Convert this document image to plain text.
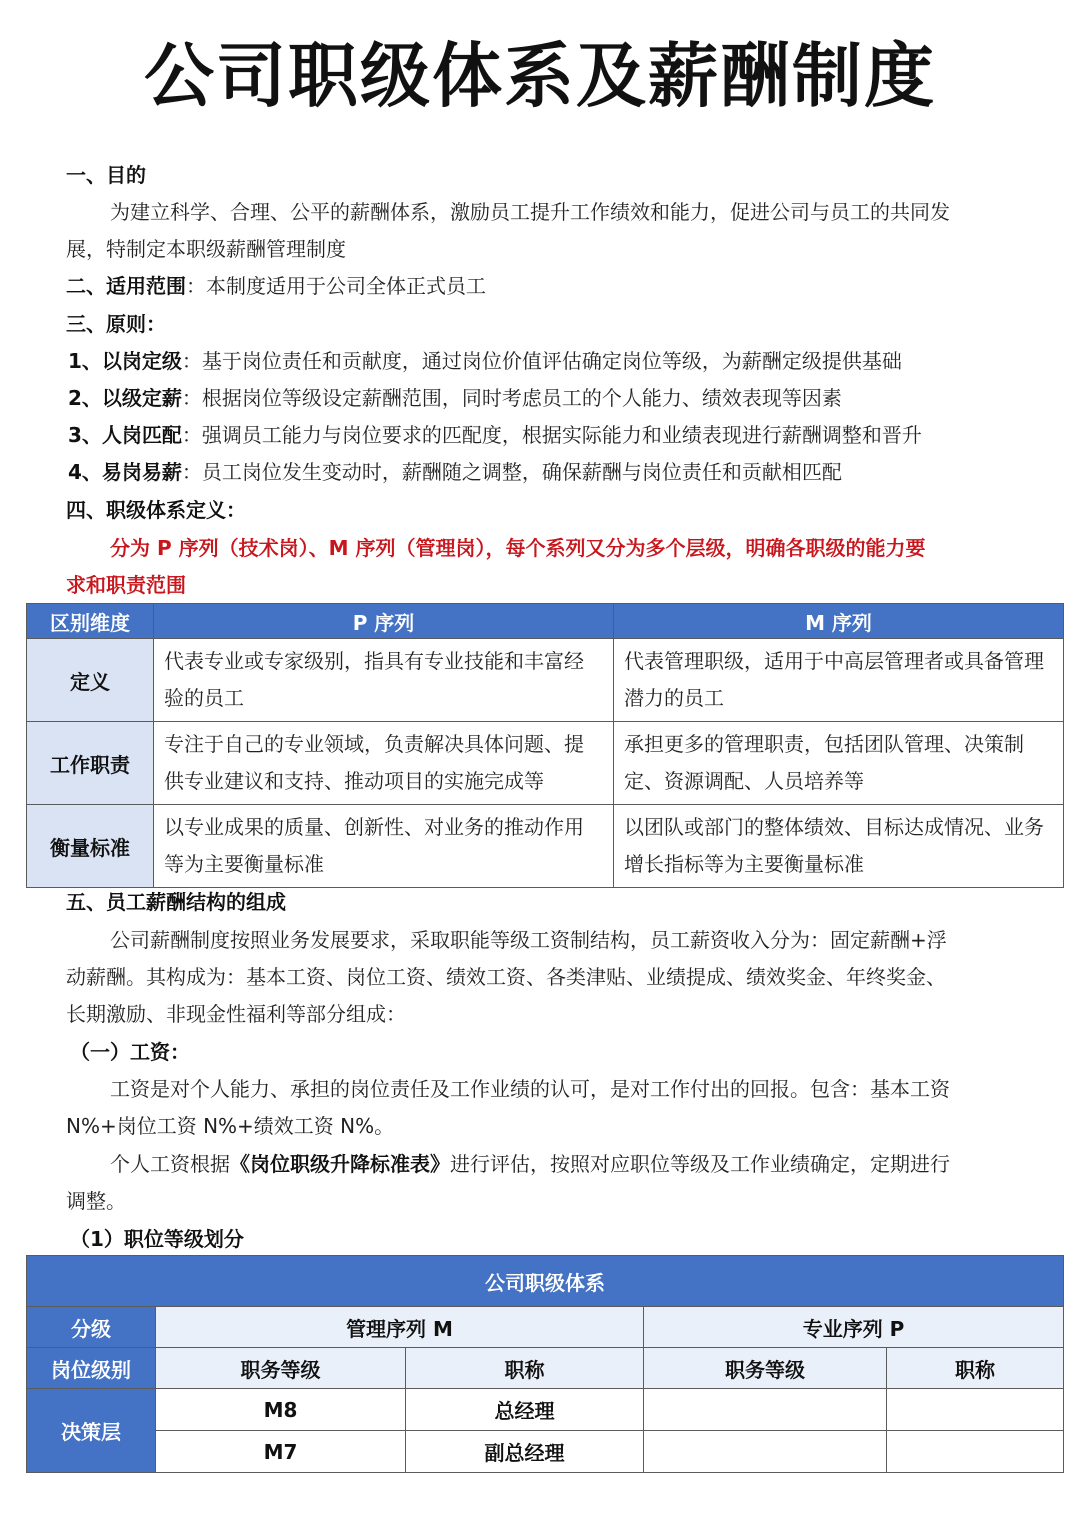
公司职级体系及薪酬制度
一、目的
为建立科学、合理、公平的薪酬体系，激励员工提升工作绩效和能力，促进公司与员工的共同发
展，特制定本职级薪酬管理制度
二、适用范围：本制度适用于公司全体正式员工
三、原则：
1、以岗定级：基于岗位责任和贡献度，通过岗位价值评估确定岗位等级，为薪酬定级提供基础
2、以级定薪：根据岗位等级设定薪酬范围，同时考虑员工的个人能力、绩效表现等因素
3、人岗匹配：强调员工能力与岗位要求的匹配度，根据实际能力和业绩表现进行薪酬调整和晋升
4、易岗易薪：员工岗位发生变动时，薪酬随之调整，确保薪酬与岗位责任和贡献相匹配
四、职级体系定义：
分为 P 序列（技术岗）、M 序列（管理岗），每个系列又分为多个层级，明确各职级的能力要
求和职责范围
区别维度	P 序列	M 序列
定义	代表专业或专家级别，指具有专业技能和丰富经验的员工	代表管理职级，适用于中高层管理者或具备管理潜力的员工
工作职责	专注于自己的专业领域，负责解决具体问题、提供专业建议和支持、推动项目的实施完成等	承担更多的管理职责，包括团队管理、决策制定、资源调配、人员培养等
衡量标准	以专业成果的质量、创新性、对业务的推动作用等为主要衡量标准	以团队或部门的整体绩效、目标达成情况、业务增长指标等为主要衡量标准
五、员工薪酬结构的组成
公司薪酬制度按照业务发展要求，采取职能等级工资制结构，员工薪资收入分为：固定薪酬+浮
动薪酬。其构成为：基本工资、岗位工资、绩效工资、各类津贴、业绩提成、绩效奖金、年终奖金、
长期激励、非现金性福利等部分组成：
（一）工资：
工资是对个人能力、承担的岗位责任及工作业绩的认可，是对工作付出的回报。包含：基本工资
N%+岗位工资 N%+绩效工资 N%。
个人工资根据《岗位职级升降标准表》进行评估，按照对应职位等级及工作业绩确定，定期进行
调整。
（1）职位等级划分
公司职级体系				
分级	管理序列 M		专业序列 P	
岗位级别	职务等级	职称	职务等级	职称
决策层	M8	总经理		
	M7	副总经理		
